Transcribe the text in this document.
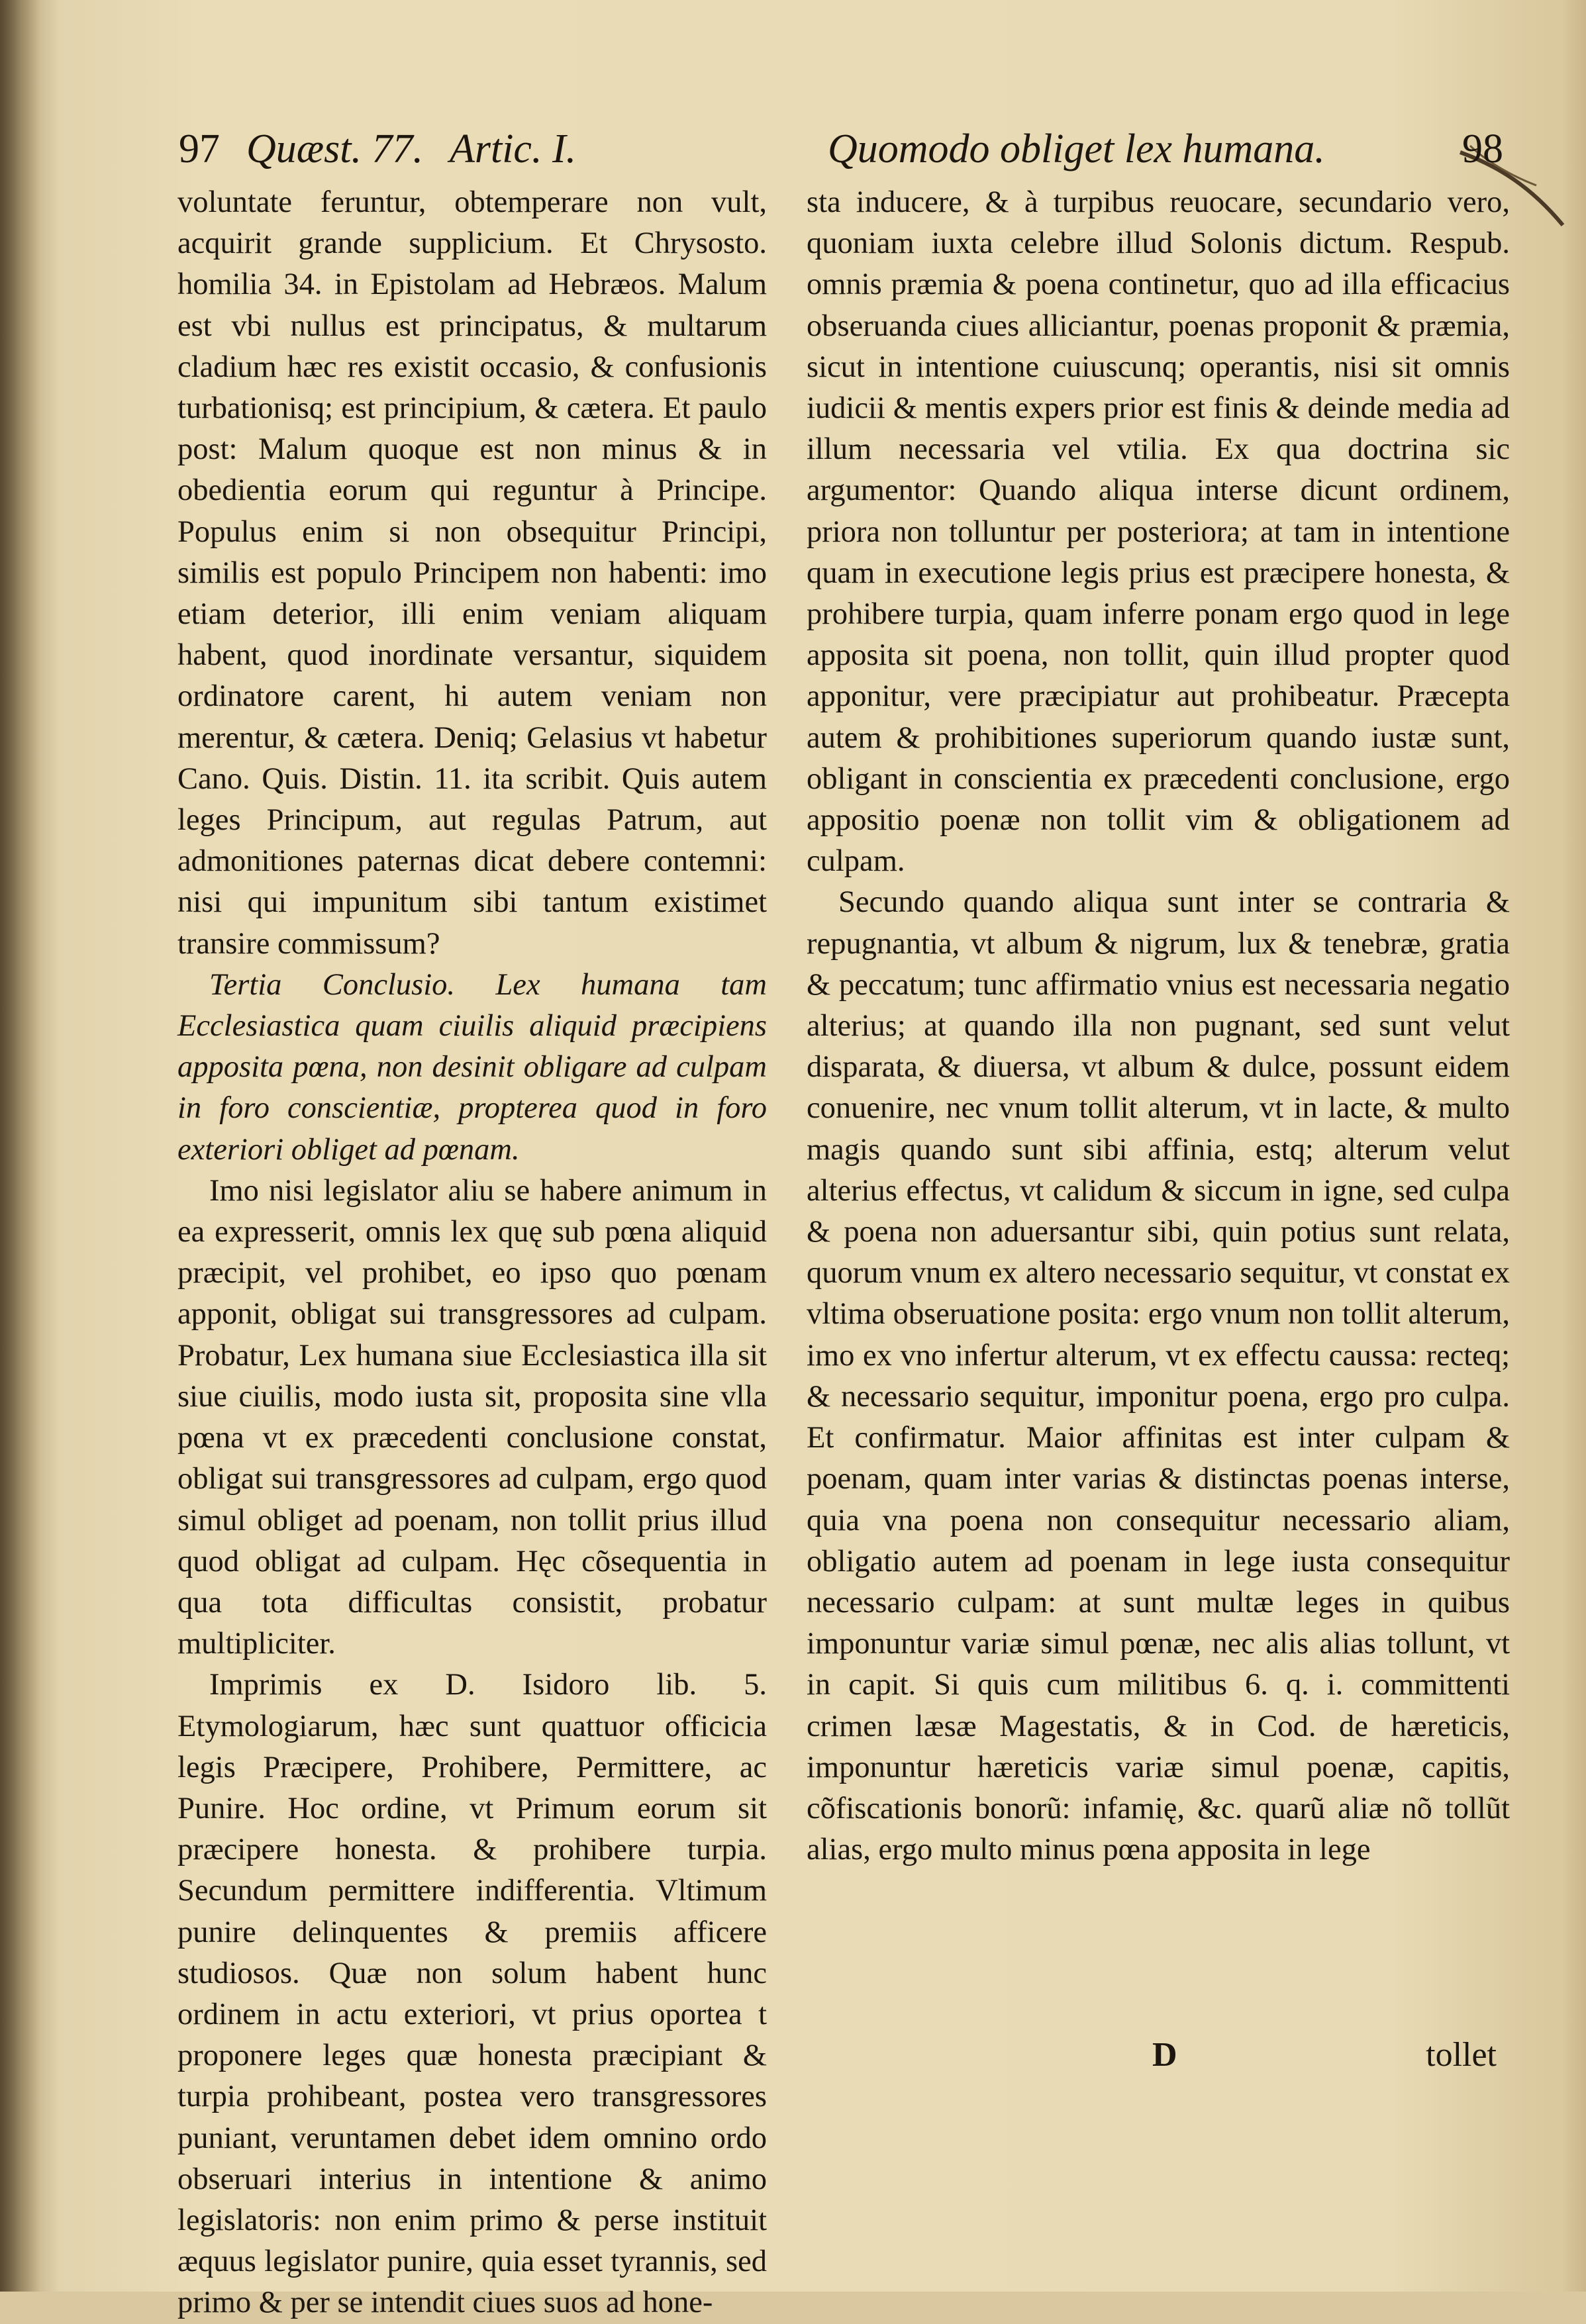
97 Quæst. 77. Artic. I.	Quomodo obliget lex humana.	98

voluntate feruntur, obtemperare non vult, acquirit grande supplicium. Et Chrysosto. homilia 34. in Epistolam ad Hebræos. Malum est vbi nullus est principatus, & multarum cladium hæc res existit occasio, & confusionis turbationisq; est principium, & cætera. Et paulo post: Malum quoque est non minus & in obedientia eorum qui reguntur à Principe. Populus enim si non obsequitur Principi, similis est populo Principem non habenti: imo etiam deterior, illi enim veniam aliquam habent, quod inordinate versantur, siquidem ordinatore carent, hi autem veniam non merentur, & cætera. Deniq; Gelasius vt habetur Cano. Quis. Distin. 11. ita scribit. Quis autem leges Principum, aut regulas Patrum, aut admonitiones paternas dicat debere contemni: nisi qui impunitum sibi tantum existimet transire commissum?

Tertia Conclusio. Lex humana tam Ecclesiastica quam ciuilis aliquid præcipiens apposita pœna, non desinit obligare ad culpam in foro conscientiæ, propterea quod in foro exteriori obliget ad pœnam.

Imo nisi legislator aliu se habere animum in ea expresserit, omnis lex quę sub pœna aliquid præcipit, vel prohibet, eo ipso quo pœnam apponit, obligat sui transgressores ad culpam. Probatur, Lex humana siue Ecclesiastica illa sit siue ciuilis, modo iusta sit, proposita sine vlla pœna vt ex præcedenti conclusione constat, obligat sui transgressores ad culpam, ergo quod simul obliget ad poenam, non tollit prius illud quod obligat ad culpam. Hęc cõsequentia in qua tota difficultas consistit, probatur multipliciter.

Imprimis ex D. Isidoro lib. 5. Etymologiarum, hæc sunt quattuor officicia legis Præcipere, Prohibere, Permittere, ac Punire. Hoc ordine, vt Primum eorum sit præcipere honesta. & prohibere turpia. Secundum permittere indifferentia. Vltimum punire delinquentes & premiis afficere studiosos. Quæ non solum habent hunc ordinem in actu exteriori, vt prius oportea t proponere leges quæ honesta præcipiant & turpia prohibeant, postea vero transgressores puniant, veruntamen debet idem omnino ordo obseruari interius in intentione & animo legislatoris: non enim primo & perse instituit æquus legislator punire, quia esset tyrannis, sed primo & per se intendit ciues suos ad hone-

sta inducere, & à turpibus reuocare, secundario vero, quoniam iuxta celebre illud Solonis dictum. Respub. omnis præmia & poena continetur, quo ad illa efficacius obseruanda ciues alliciantur, poenas proponit & præmia, sicut in intentione cuiuscunq; operantis, nisi sit omnis iudicii & mentis expers prior est finis & deinde media ad illum necessaria vel vtilia. Ex qua doctrina sic argumentor: Quando aliqua interse dicunt ordinem, priora non tolluntur per posteriora; at tam in intentione quam in executione legis prius est præcipere honesta, & prohibere turpia, quam inferre ponam ergo quod in lege apposita sit poena, non tollit, quin illud propter quod apponitur, vere præcipiatur aut prohibeatur. Præcepta autem & prohibitiones superiorum quando iustæ sunt, obligant in conscientia ex præcedenti conclusione, ergo appositio poenæ non tollit vim & obligationem ad culpam.

Secundo quando aliqua sunt inter se contraria & repugnantia, vt album & nigrum, lux & tenebræ, gratia & peccatum; tunc affirmatio vnius est necessaria negatio alterius; at quando illa non pugnant, sed sunt velut disparata, & diuersa, vt album & dulce, possunt eidem conuenire, nec vnum tollit alterum, vt in lacte, & multo magis quando sunt sibi affinia, estq; alterum velut alterius effectus, vt calidum & siccum in igne, sed culpa & poena non aduersantur sibi, quin potius sunt relata, quorum vnum ex altero necessario sequitur, vt constat ex vltima obseruatione posita: ergo vnum non tollit alterum, imo ex vno infertur alterum, vt ex effectu caussa: recteq; & necessario sequitur, imponitur poena, ergo pro culpa. Et confirmatur. Maior affinitas est inter culpam & poenam, quam inter varias & distinctas poenas interse, quia vna poena non consequitur necessario aliam, obligatio autem ad poenam in lege iusta consequitur necessario culpam: at sunt multæ leges in quibus imponuntur variæ simul pœnæ, nec alis alias tollunt, vt in capit. Si quis cum militibus 6. q. i. committenti crimen læsæ Magestatis, & in Cod. de hæreticis, imponuntur hæreticis variæ simul poenæ, capitis, cõfiscationis bonorũ: infamię, &c. quarũ aliæ nõ tollũt alias, ergo multo minus pœna apposita in lege

D	tollet
